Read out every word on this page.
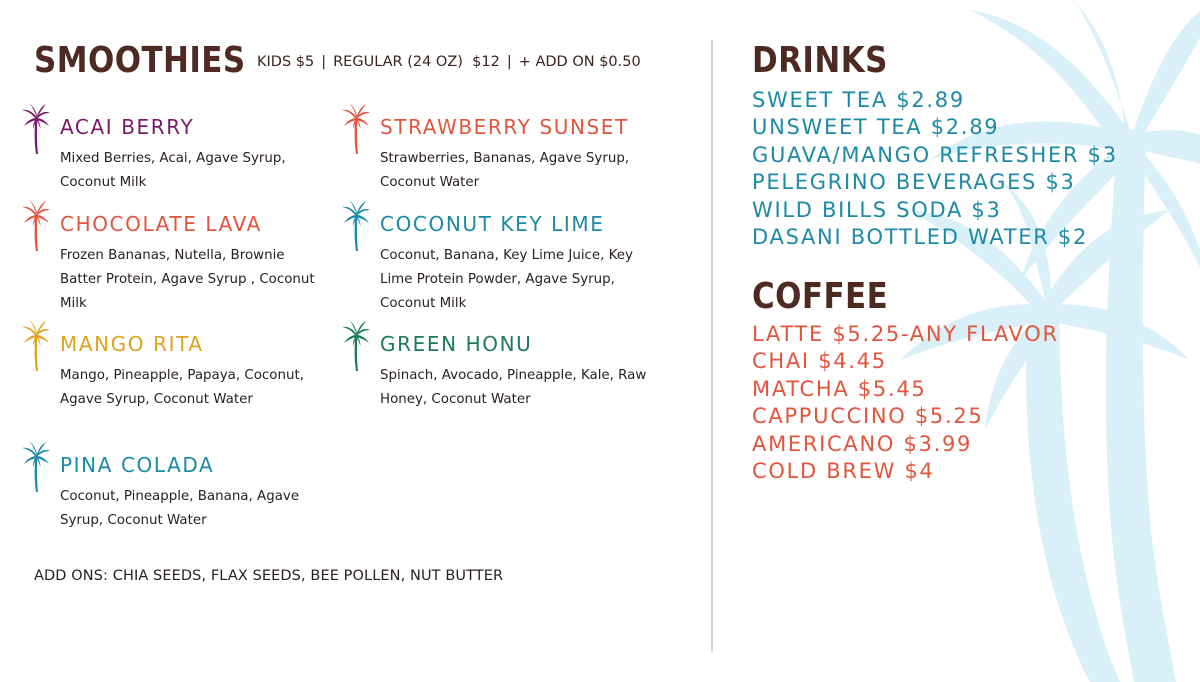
SMOOTHIES KIDS $5 | REGULAR (24 OZ)  $12 | + ADD ON $0.50
ACAI BERRY
Mixed Berries, Acai, Agave Syrup, Coconut Milk
CHOCOLATE LAVA
Frozen Bananas, Nutella, Brownie Batter Protein, Agave Syrup , Coconut Milk
MANGO RITA
Mango, Pineapple, Papaya, Coconut, Agave Syrup, Coconut Water
PINA COLADA
Coconut, Pineapple, Banana, Agave Syrup, Coconut Water
STRAWBERRY SUNSET
Strawberries, Bananas, Agave Syrup, Coconut Water
COCONUT KEY LIME
Coconut, Banana, Key Lime Juice, Key Lime Protein Powder, Agave Syrup, Coconut Milk
GREEN HONU
Spinach, Avocado, Pineapple, Kale, Raw Honey, Coconut Water
ADD ONS: CHIA SEEDS, FLAX SEEDS, BEE POLLEN, NUT BUTTER
DRINKS
SWEET TEA $2.89
UNSWEET TEA $2.89
GUAVA/MANGO REFRESHER $3
PELEGRINO BEVERAGES $3
WILD BILLS SODA $3
DASANI BOTTLED WATER $2
COFFEE
LATTE $5.25-ANY FLAVOR
CHAI $4.45
MATCHA $5.45
CAPPUCCINO $5.25
AMERICANO $3.99
COLD BREW $4
